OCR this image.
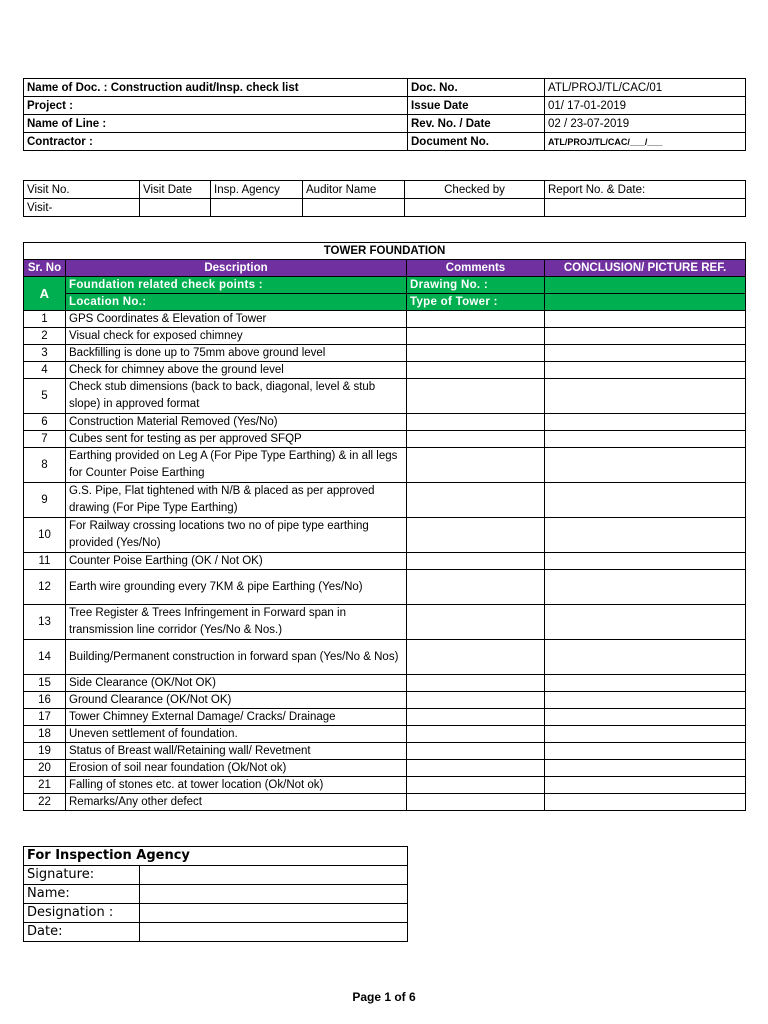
Name of Doc. : Construction audit/Insp. check list	Doc. No.	ATL/PROJ/TL/CAC/01
Project :	Issue Date	01/ 17-01-2019
Name of Line :	Rev. No. / Date	02 / 23-07-2019
Contractor :	Document No.	ATL/PROJ/TL/CAC/___/___
Visit No.	Visit Date	Insp. Agency	Auditor Name	Checked by	Report No. & Date:
Visit-					
TOWER FOUNDATION			
Sr. No	Description	Comments	CONCLUSION/ PICTURE REF.
A	Foundation related check points :	Drawing No. :	
	Location No.:	Type of Tower :	
1	GPS Coordinates & Elevation of Tower		
2	Visual check for exposed chimney		
3	Backfilling is done up to 75mm above ground level		
4	Check for chimney above the ground level		
5	Check stub dimensions (back to back, diagonal, level & stub slope) in approved format		
6	Construction Material Removed (Yes/No)		
7	Cubes sent for testing as per approved SFQP		
8	Earthing provided on Leg A (For Pipe Type Earthing) & in all legs for Counter Poise Earthing		
9	G.S. Pipe, Flat tightened with N/B & placed as per approved drawing (For Pipe Type Earthing)		
10	For Railway crossing locations two no of pipe type earthing provided (Yes/No)		
11	Counter Poise Earthing (OK / Not OK)		
12	Earth wire grounding every 7KM & pipe Earthing (Yes/No)		
13	Tree Register & Trees Infringement in Forward span in transmission line corridor (Yes/No & Nos.)		
14	Building/Permanent construction in forward span (Yes/No & Nos)		
15	Side Clearance (OK/Not OK)		
16	Ground Clearance (OK/Not OK)		
17	Tower Chimney External Damage/ Cracks/ Drainage		
18	Uneven settlement of foundation.		
19	Status of Breast wall/Retaining wall/ Revetment		
20	Erosion of soil near foundation (Ok/Not ok)		
21	Falling of stones etc. at tower location (Ok/Not ok)		
22	Remarks/Any other defect		
For Inspection Agency	
Signature:	
Name:	
Designation :	
Date:	
Page 1 of 6
